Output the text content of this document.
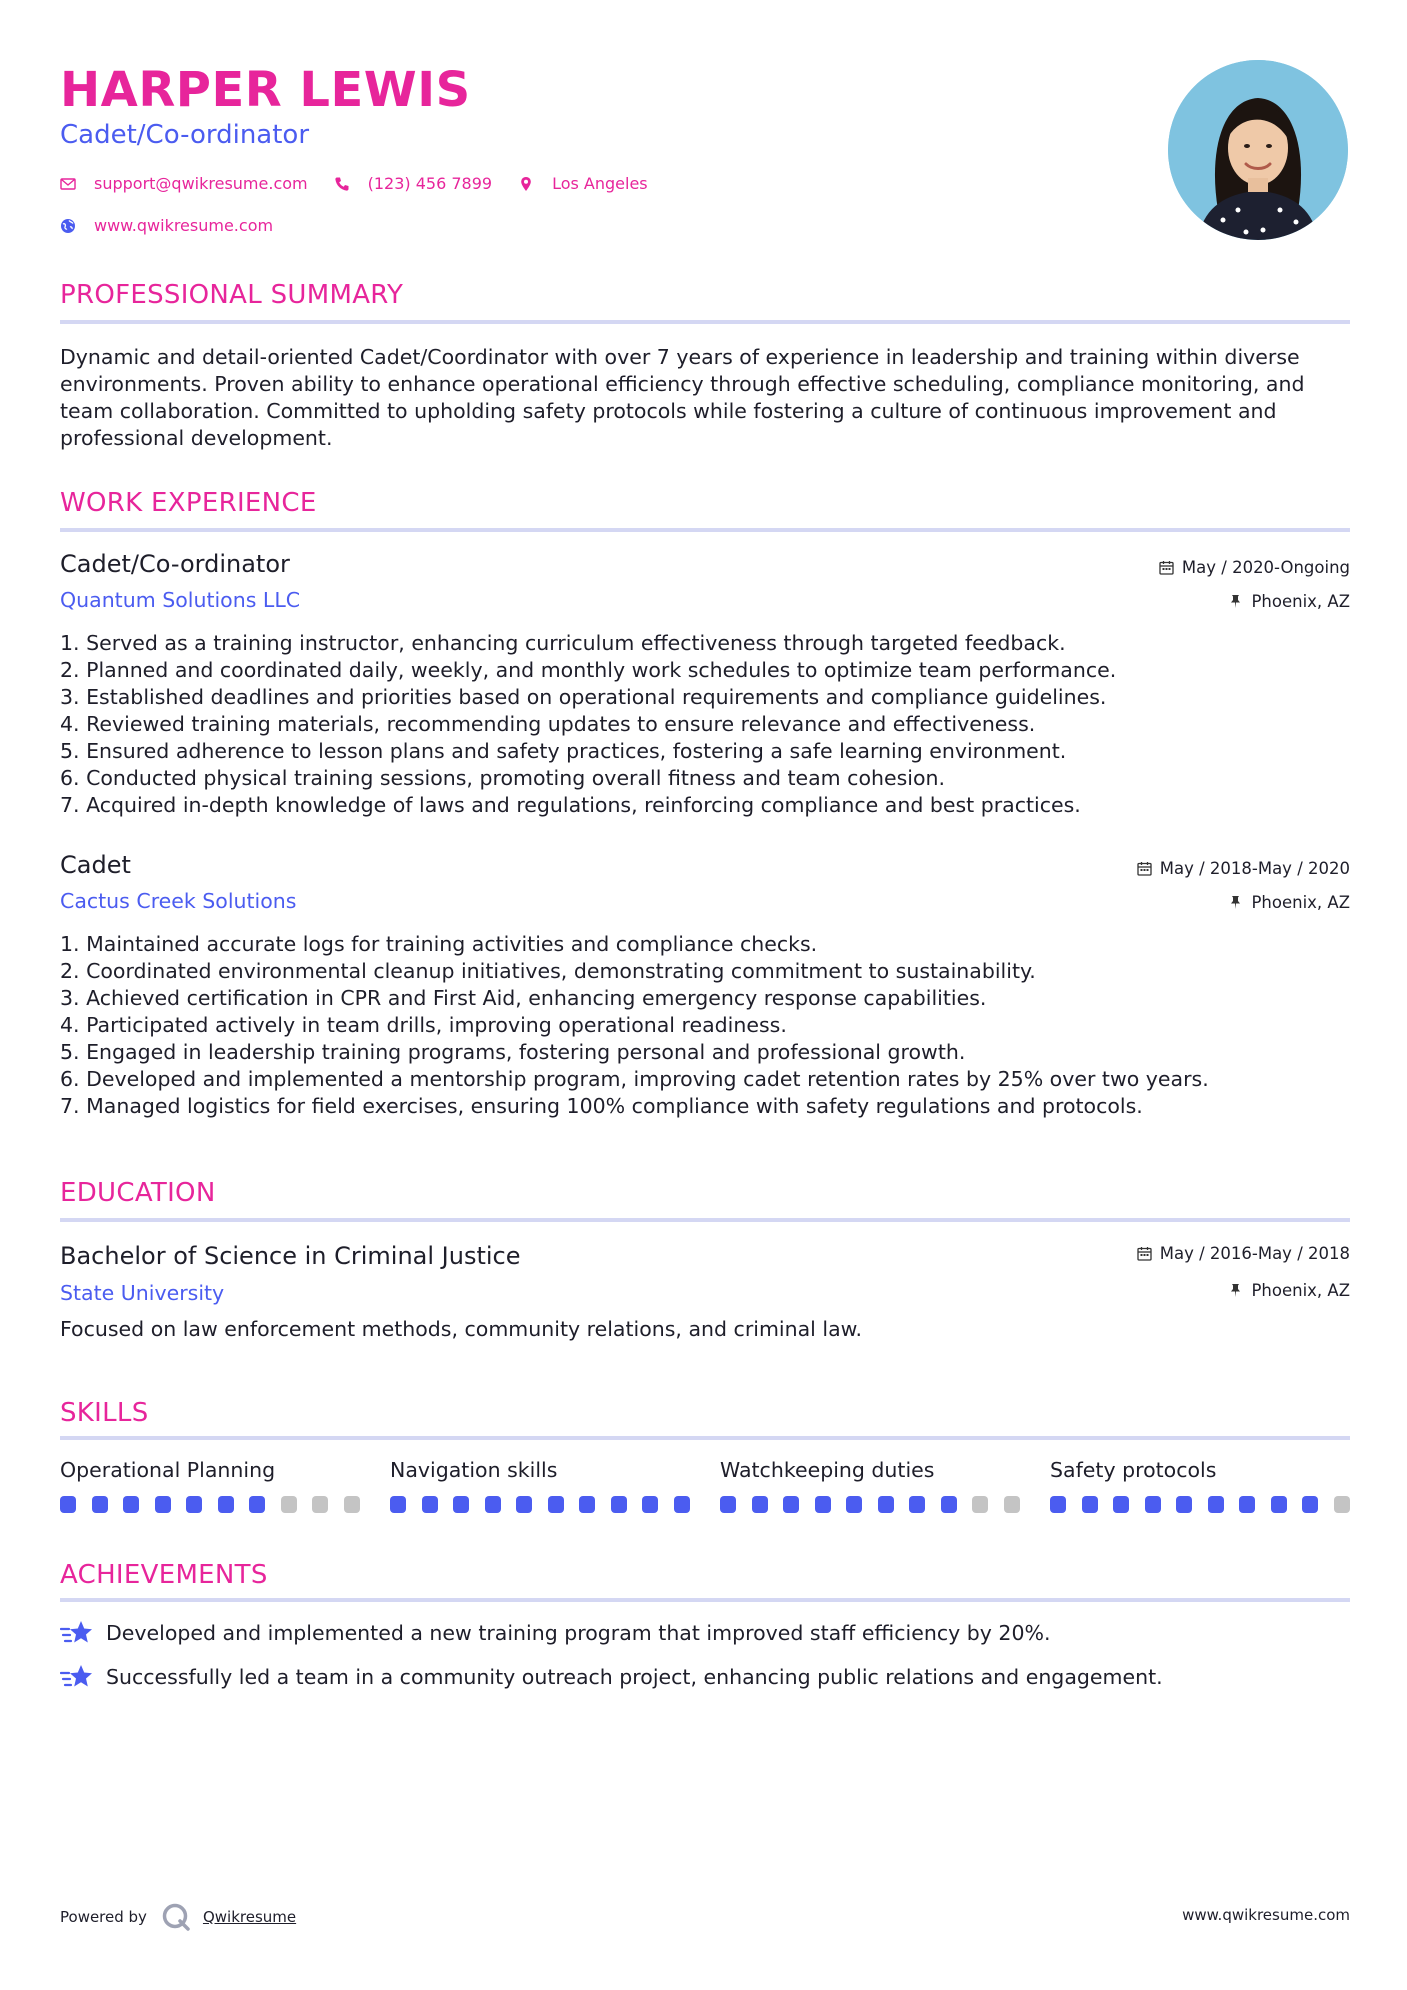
HARPER LEWIS
Cadet/Co-ordinator
support@qwikresume.com	(123) 456 7899	Los Angeles
www.qwikresume.com
PROFESSIONAL SUMMARY
Dynamic and detail-oriented Cadet/Coordinator with over 7 years of experience in leadership and training within diverse environments. Proven ability to enhance operational efficiency through effective scheduling, compliance monitoring, and team collaboration. Committed to upholding safety protocols while fostering a culture of continuous improvement and professional development.
WORK EXPERIENCE
Cadet/Co-ordinator
Quantum Solutions LLC
May / 2020-Ongoing
Phoenix, AZ
1. Served as a training instructor, enhancing curriculum effectiveness through targeted feedback.
2. Planned and coordinated daily, weekly, and monthly work schedules to optimize team performance.
3. Established deadlines and priorities based on operational requirements and compliance guidelines.
4. Reviewed training materials, recommending updates to ensure relevance and effectiveness.
5. Ensured adherence to lesson plans and safety practices, fostering a safe learning environment.
6. Conducted physical training sessions, promoting overall fitness and team cohesion.
7. Acquired in-depth knowledge of laws and regulations, reinforcing compliance and best practices.
Cadet
Cactus Creek Solutions
May / 2018-May / 2020
Phoenix, AZ
1. Maintained accurate logs for training activities and compliance checks.
2. Coordinated environmental cleanup initiatives, demonstrating commitment to sustainability.
3. Achieved certification in CPR and First Aid, enhancing emergency response capabilities.
4. Participated actively in team drills, improving operational readiness.
5. Engaged in leadership training programs, fostering personal and professional growth.
6. Developed and implemented a mentorship program, improving cadet retention rates by 25% over two years.
7. Managed logistics for field exercises, ensuring 100% compliance with safety regulations and protocols.
EDUCATION
Bachelor of Science in Criminal Justice
State University
May / 2016-May / 2018
Phoenix, AZ
Focused on law enforcement methods, community relations, and criminal law.
SKILLS
Operational Planning	Navigation skills	Watchkeeping duties	Safety protocols
ACHIEVEMENTS
Developed and implemented a new training program that improved staff efficiency by 20%.
Successfully led a team in a community outreach project, enhancing public relations and engagement.
Powered by	Qwikresume	www.qwikresume.com
